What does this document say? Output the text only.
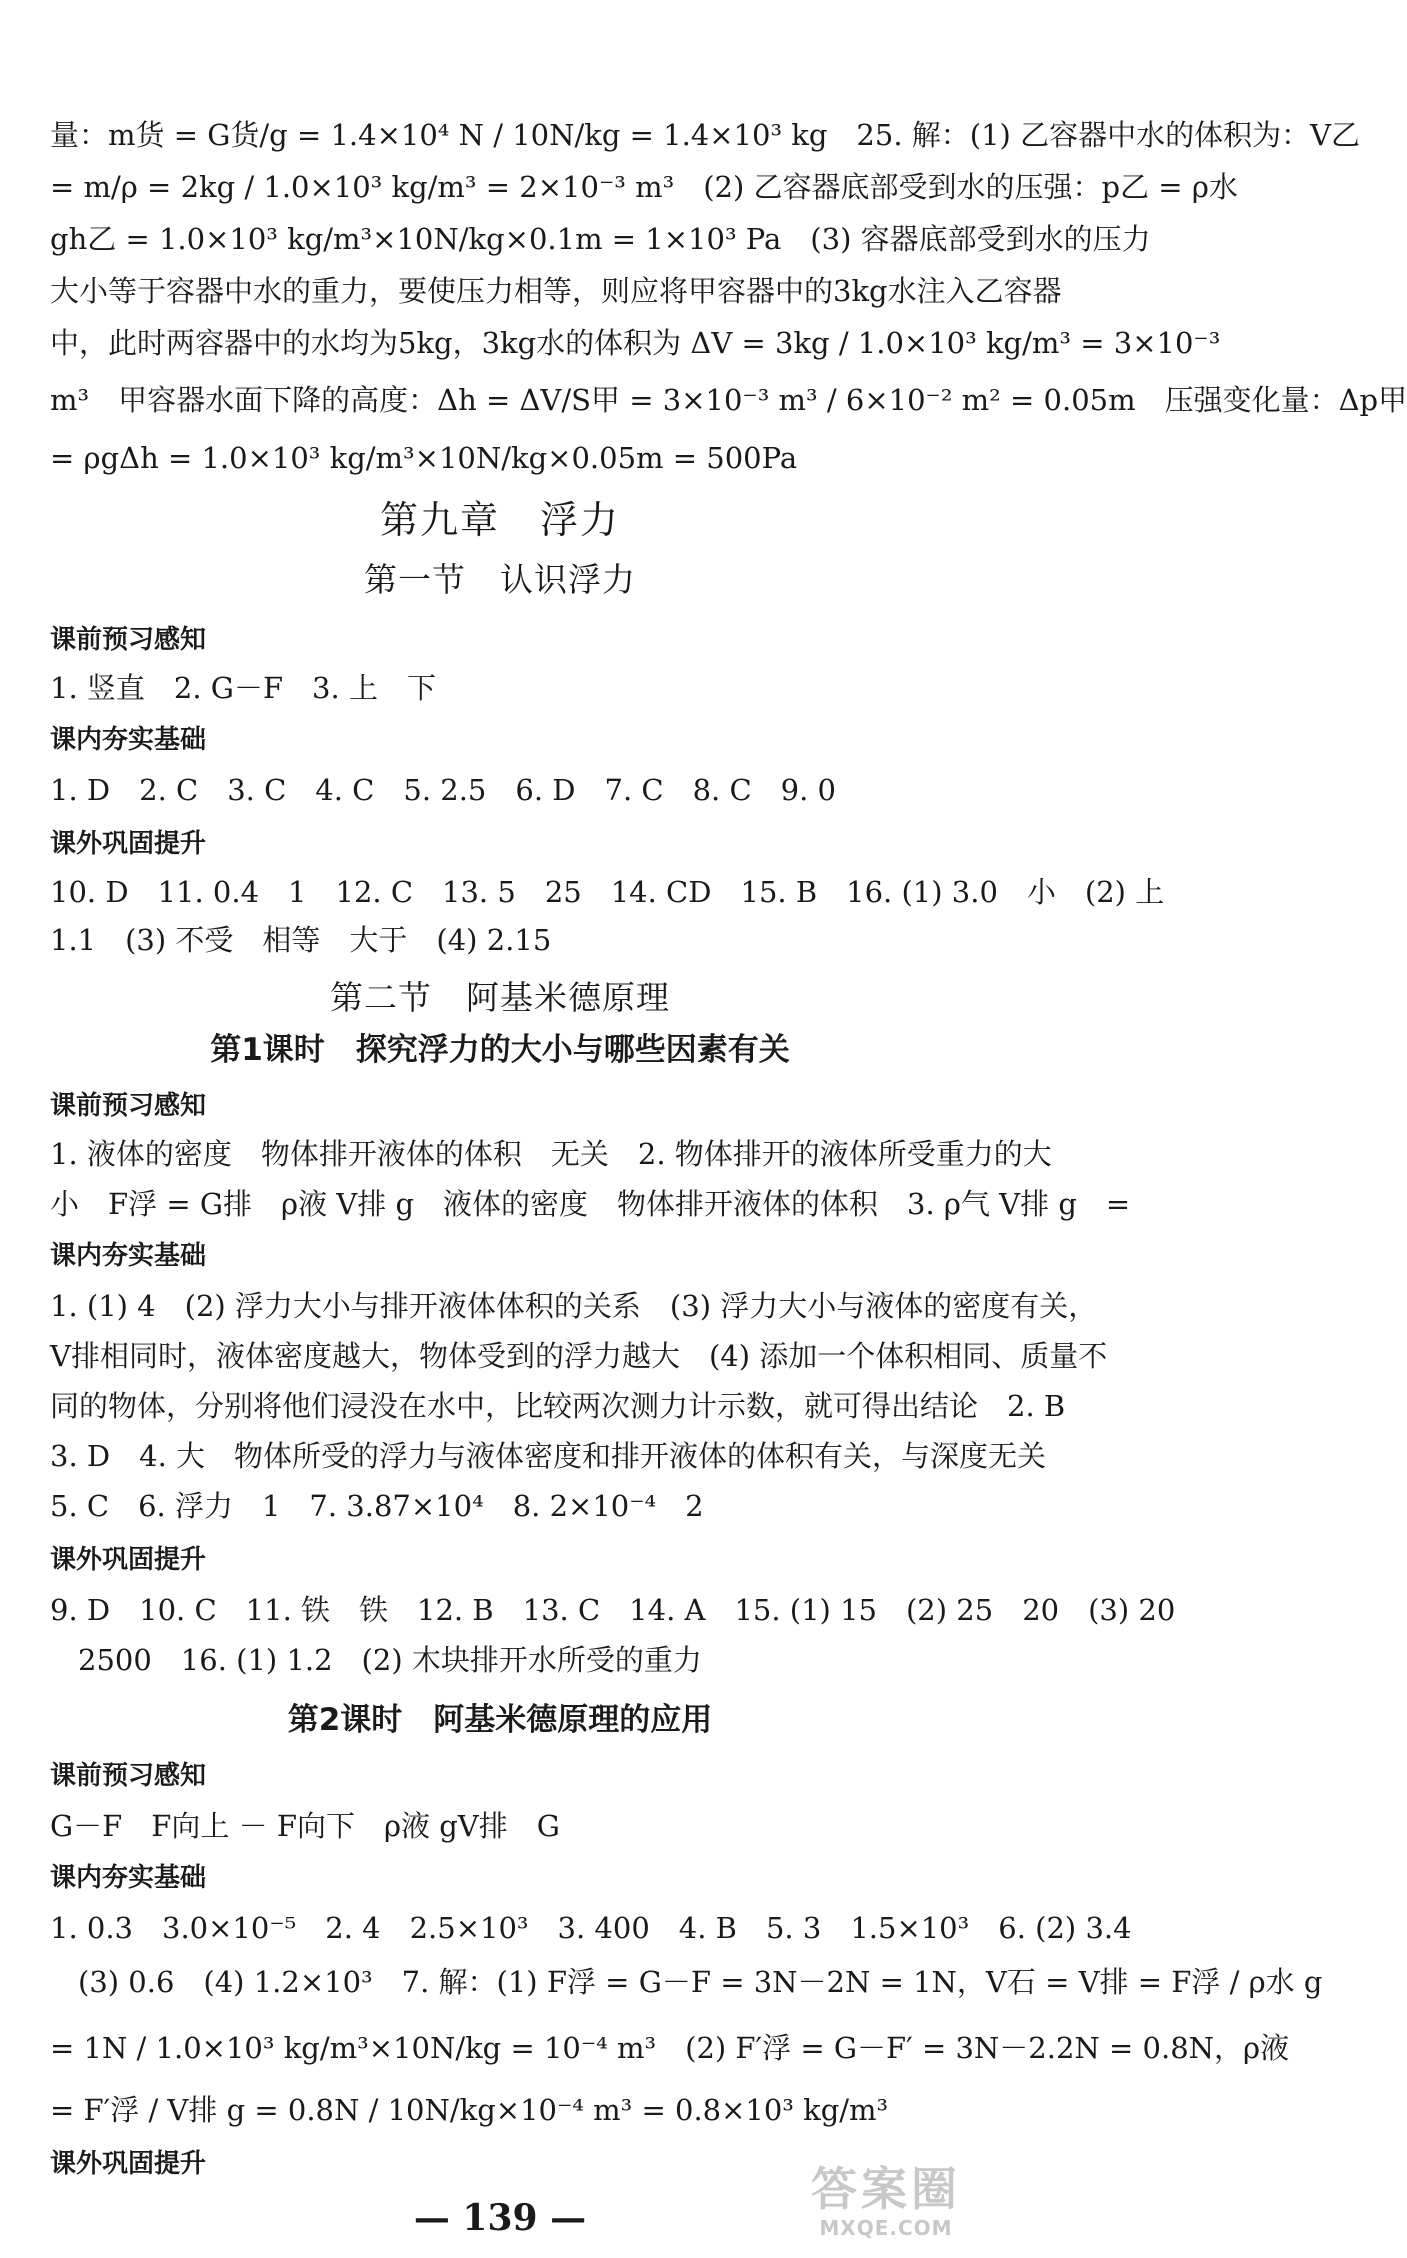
量：m货 = G货/g = 1.4×10⁴ N / 10N/kg = 1.4×10³ kg　25. 解：(1) 乙容器中水的体积为：V乙
= m/ρ = 2kg / 1.0×10³ kg/m³ = 2×10⁻³ m³　(2) 乙容器底部受到水的压强：p乙 = ρ水
gh乙 = 1.0×10³ kg/m³×10N/kg×0.1m = 1×10³ Pa　(3) 容器底部受到水的压力
大小等于容器中水的重力，要使压力相等，则应将甲容器中的3kg水注入乙容器
中，此时两容器中的水均为5kg，3kg水的体积为 ΔV = 3kg / 1.0×10³ kg/m³ = 3×10⁻³
m³　甲容器水面下降的高度：Δh = ΔV/S甲 = 3×10⁻³ m³ / 6×10⁻² m² = 0.05m　压强变化量：Δp甲
= ρgΔh = 1.0×10³ kg/m³×10N/kg×0.05m = 500Pa
第九章　浮力
第一节　认识浮力
课前预习感知
1. 竖直　2. G－F　3. 上　下
课内夯实基础
1. D　2. C　3. C　4. C　5. 2.5　6. D　7. C　8. C　9. 0
课外巩固提升
10. D　11. 0.4　1　12. C　13. 5　25　14. CD　15. B　16. (1) 3.0　小　(2) 上
1.1　(3) 不受　相等　大于　(4) 2.15
第二节　阿基米德原理
第1课时　探究浮力的大小与哪些因素有关
课前预习感知
1. 液体的密度　物体排开液体的体积　无关　2. 物体排开的液体所受重力的大
小　F浮 = G排　ρ液 V排 g　液体的密度　物体排开液体的体积　3. ρ气 V排 g　=
课内夯实基础
1. (1) 4　(2) 浮力大小与排开液体体积的关系　(3) 浮力大小与液体的密度有关，
V排相同时，液体密度越大，物体受到的浮力越大　(4) 添加一个体积相同、质量不
同的物体，分别将他们浸没在水中，比较两次测力计示数，就可得出结论　2. B
3. D　4. 大　物体所受的浮力与液体密度和排开液体的体积有关，与深度无关
5. C　6. 浮力　1　7. 3.87×10⁴　8. 2×10⁻⁴　2
课外巩固提升
9. D　10. C　11. 铁　铁　12. B　13. C　14. A　15. (1) 15　(2) 25　20　(3) 20
2500　16. (1) 1.2　(2) 木块排开水所受的重力
第2课时　阿基米德原理的应用
课前预习感知
G－F　F向上 － F向下　ρ液 gV排　G
课内夯实基础
1. 0.3　3.0×10⁻⁵　2. 4　2.5×10³　3. 400　4. B　5. 3　1.5×10³　6. (2) 3.4
(3) 0.6　(4) 1.2×10³　7. 解：(1) F浮 = G－F = 3N－2N = 1N，V石 = V排 = F浮 / ρ水 g
= 1N / 1.0×10³ kg/m³×10N/kg = 10⁻⁴ m³　(2) F′浮 = G－F′ = 3N－2.2N = 0.8N，ρ液
= F′浮 / V排 g = 0.8N / 10N/kg×10⁻⁴ m³ = 0.8×10³ kg/m³
课外巩固提升
— 139 —
答案圈
MXQE.COM
